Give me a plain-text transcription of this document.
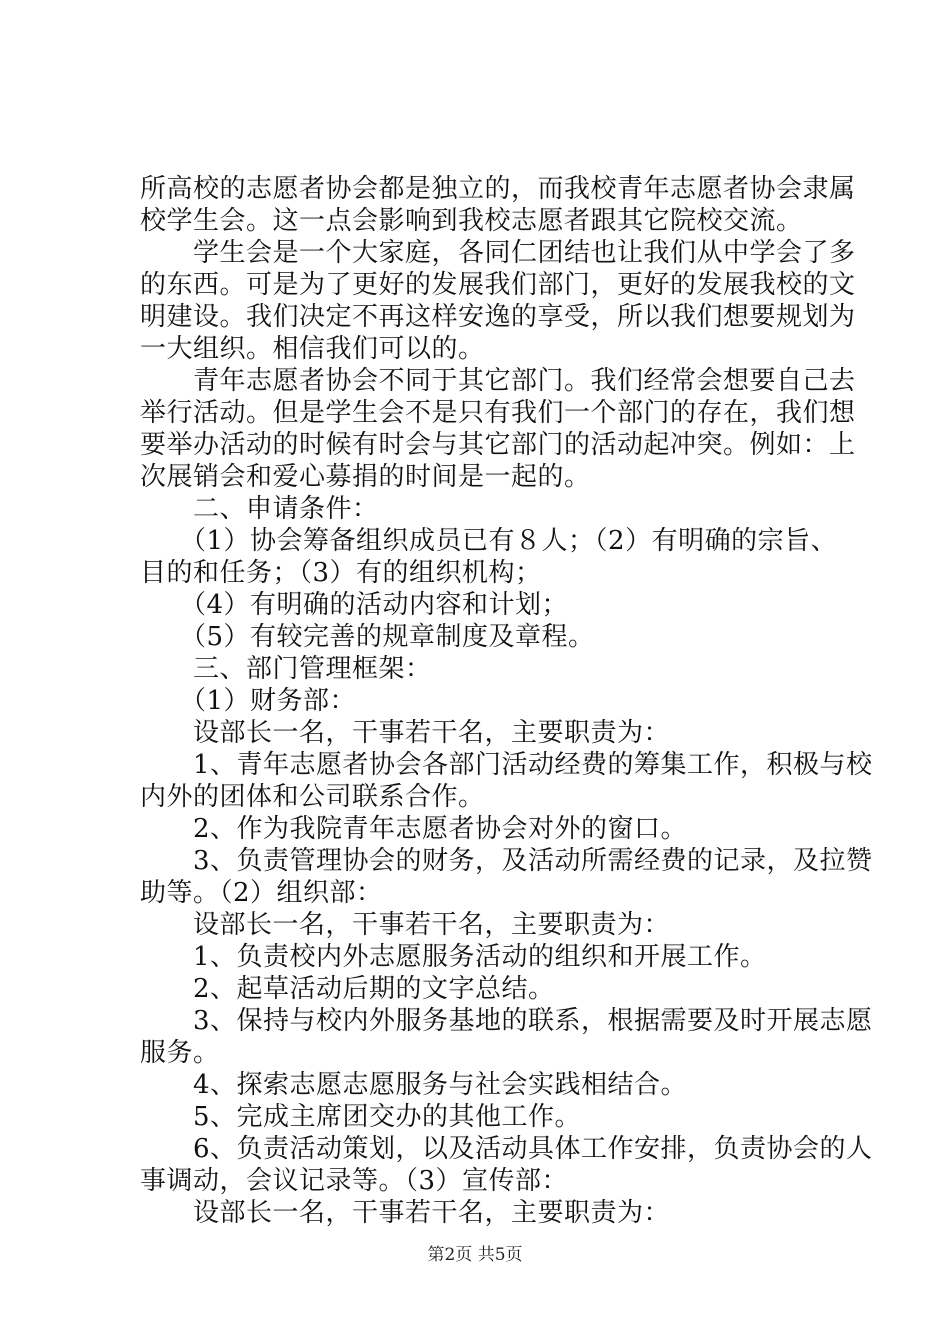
所高校的志愿者协会都是独立的，而我校青年志愿者协会隶属
校学生会。这一点会影响到我校志愿者跟其它院校交流。
　　学生会是一个大家庭，各同仁团结也让我们从中学会了多
的东西。可是为了更好的发展我们部门，更好的发展我校的文
明建设。我们决定不再这样安逸的享受，所以我们想要规划为
一大组织。相信我们可以的。
　　青年志愿者协会不同于其它部门。我们经常会想要自己去
举行活动。但是学生会不是只有我们一个部门的存在，我们想
要举办活动的时候有时会与其它部门的活动起冲突。例如：上
次展销会和爱心募捐的时间是一起的。
　　二、申请条件：
　　（1）协会筹备组织成员已有８人；（2）有明确的宗旨、
目的和任务；（3）有的组织机构；
　　（4）有明确的活动内容和计划；
　　（5）有较完善的规章制度及章程。
　　三、部门管理框架：
　　（1）财务部：
　　设部长一名，干事若干名，主要职责为：
　　1、青年志愿者协会各部门活动经费的筹集工作，积极与校
内外的团体和公司联系合作。
　　2、作为我院青年志愿者协会对外的窗口。
　　3、负责管理协会的财务，及活动所需经费的记录，及拉赞
助等。（2）组织部：
　　设部长一名，干事若干名，主要职责为：
　　1、负责校内外志愿服务活动的组织和开展工作。
　　2、起草活动后期的文字总结。
　　3、保持与校内外服务基地的联系，根据需要及时开展志愿
服务。
　　4、探索志愿志愿服务与社会实践相结合。
　　5、完成主席团交办的其他工作。
　　6、负责活动策划，以及活动具体工作安排，负责协会的人
事调动，会议记录等。（3）宣传部：
　　设部长一名，干事若干名，主要职责为：
第2页 共5页
